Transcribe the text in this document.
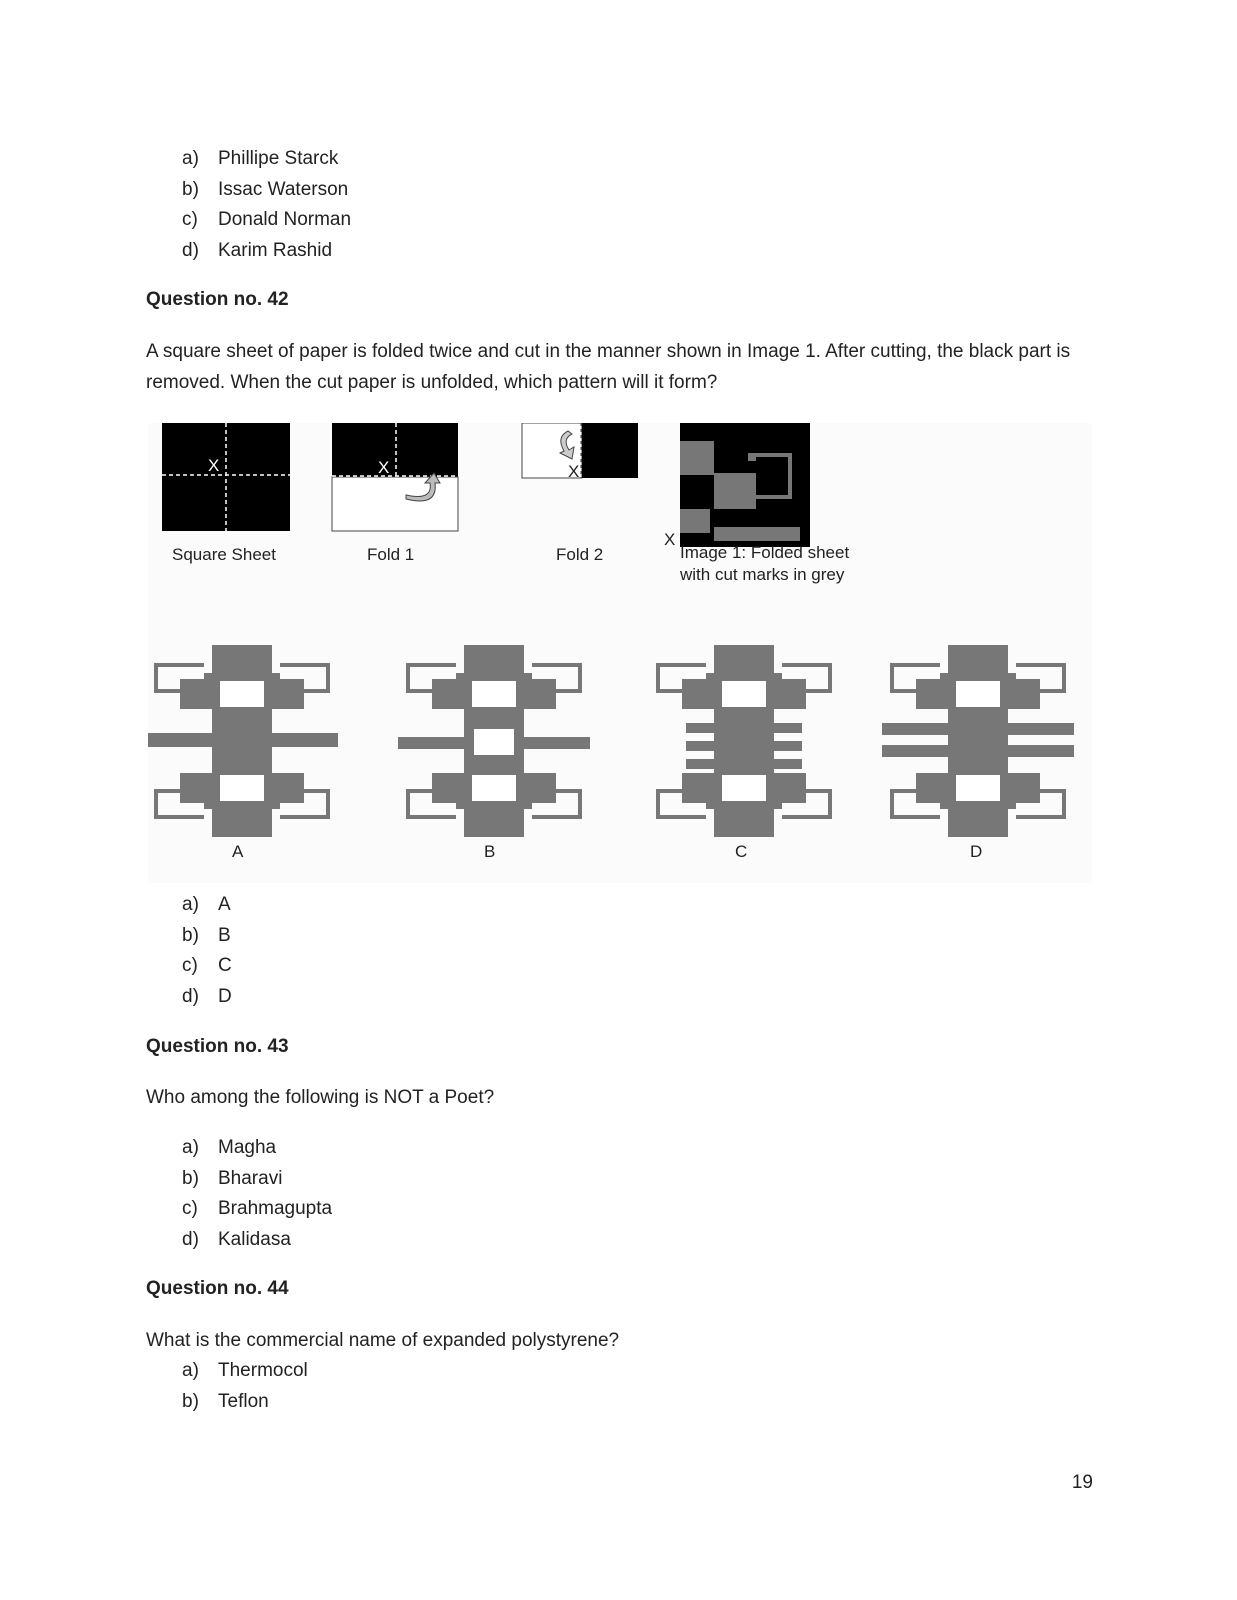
a) Phillipe Starck
b) Issac Waterson
c) Donald Norman
d) Karim Rashid
Question no. 42
A square sheet of paper is folded twice and cut in the manner shown in Image 1. After cutting, the black part is removed. When the cut paper is unfolded, which pattern will it form?
X	X	X
X
Square Sheet	Fold 1	Fold 2	Image 1: Folded sheet
with cut marks in grey
A	B	C	D
a) A
b) B
c) C
d) D
Question no. 43
Who among the following is NOT a Poet?
a) Magha
b) Bharavi
c) Brahmagupta
d) Kalidasa
Question no. 44
What is the commercial name of expanded polystyrene?
a) Thermocol
b) Teflon
19
